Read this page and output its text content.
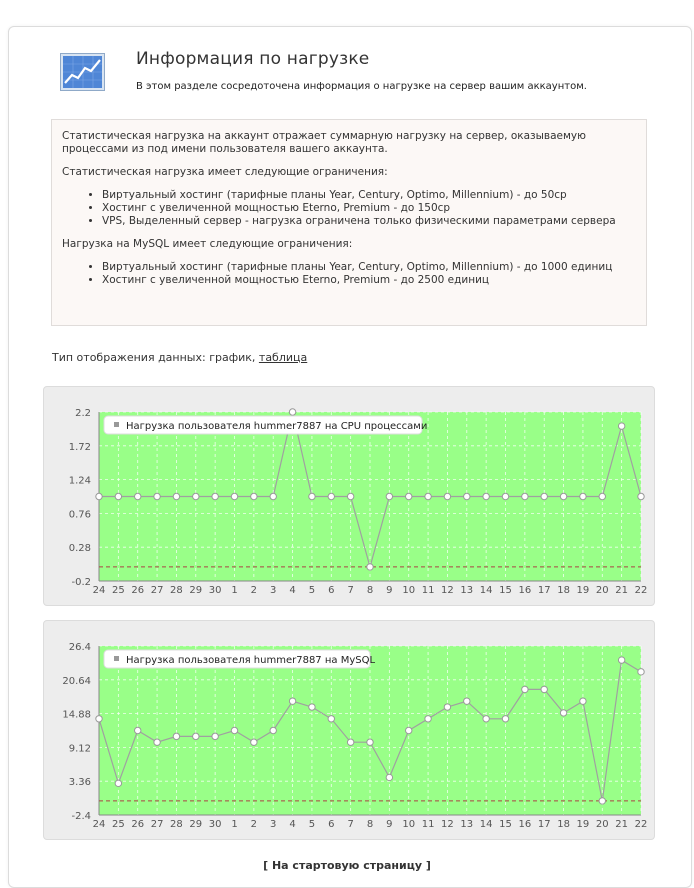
Информация по нагрузке
В этом разделе сосредоточена информация о нагрузке на сервер вашим аккаунтом.

Статистическая нагрузка на аккаунт отражает суммарную нагрузку на сервер, оказываемую процессами из под имени пользователя вашего аккаунта.

Статистическая нагрузка имеет следующие ограничения:

• Виртуальный хостинг (тарифные планы Year, Century, Optimo, Millennium) - до 50cp
• Хостинг с увеличенной мощностью Eterno, Premium - до 150cp
• VPS, Выделенный сервер - нагрузка ограничена только физическими параметрами сервера

Нагрузка на MySQL имеет следующие ограничения:

• Виртуальный хостинг (тарифные планы Year, Century, Optimo, Millennium) - до 1000 единиц
• Хостинг с увеличенной мощностью Eterno, Premium - до 2500 единиц
Тип отображения данных: график, таблица
2.2
1.72
1.24
0.76
0.28
-0.2
24 25 26 27 28 29 30 1 2 3 4 5 6 7 8 9 10 11 12 13 14 15 16 17 18 19 20 21 22
Нагрузка пользователя hummer7887 на CPU процессами
26.4
20.64
14.88
9.12
3.36
-2.4
24 25 26 27 28 29 30 1 2 3 4 5 6 7 8 9 10 11 12 13 14 15 16 17 18 19 20 21 22
Нагрузка пользователя hummer7887 на MySQL
[ На стартовую страницу ]
